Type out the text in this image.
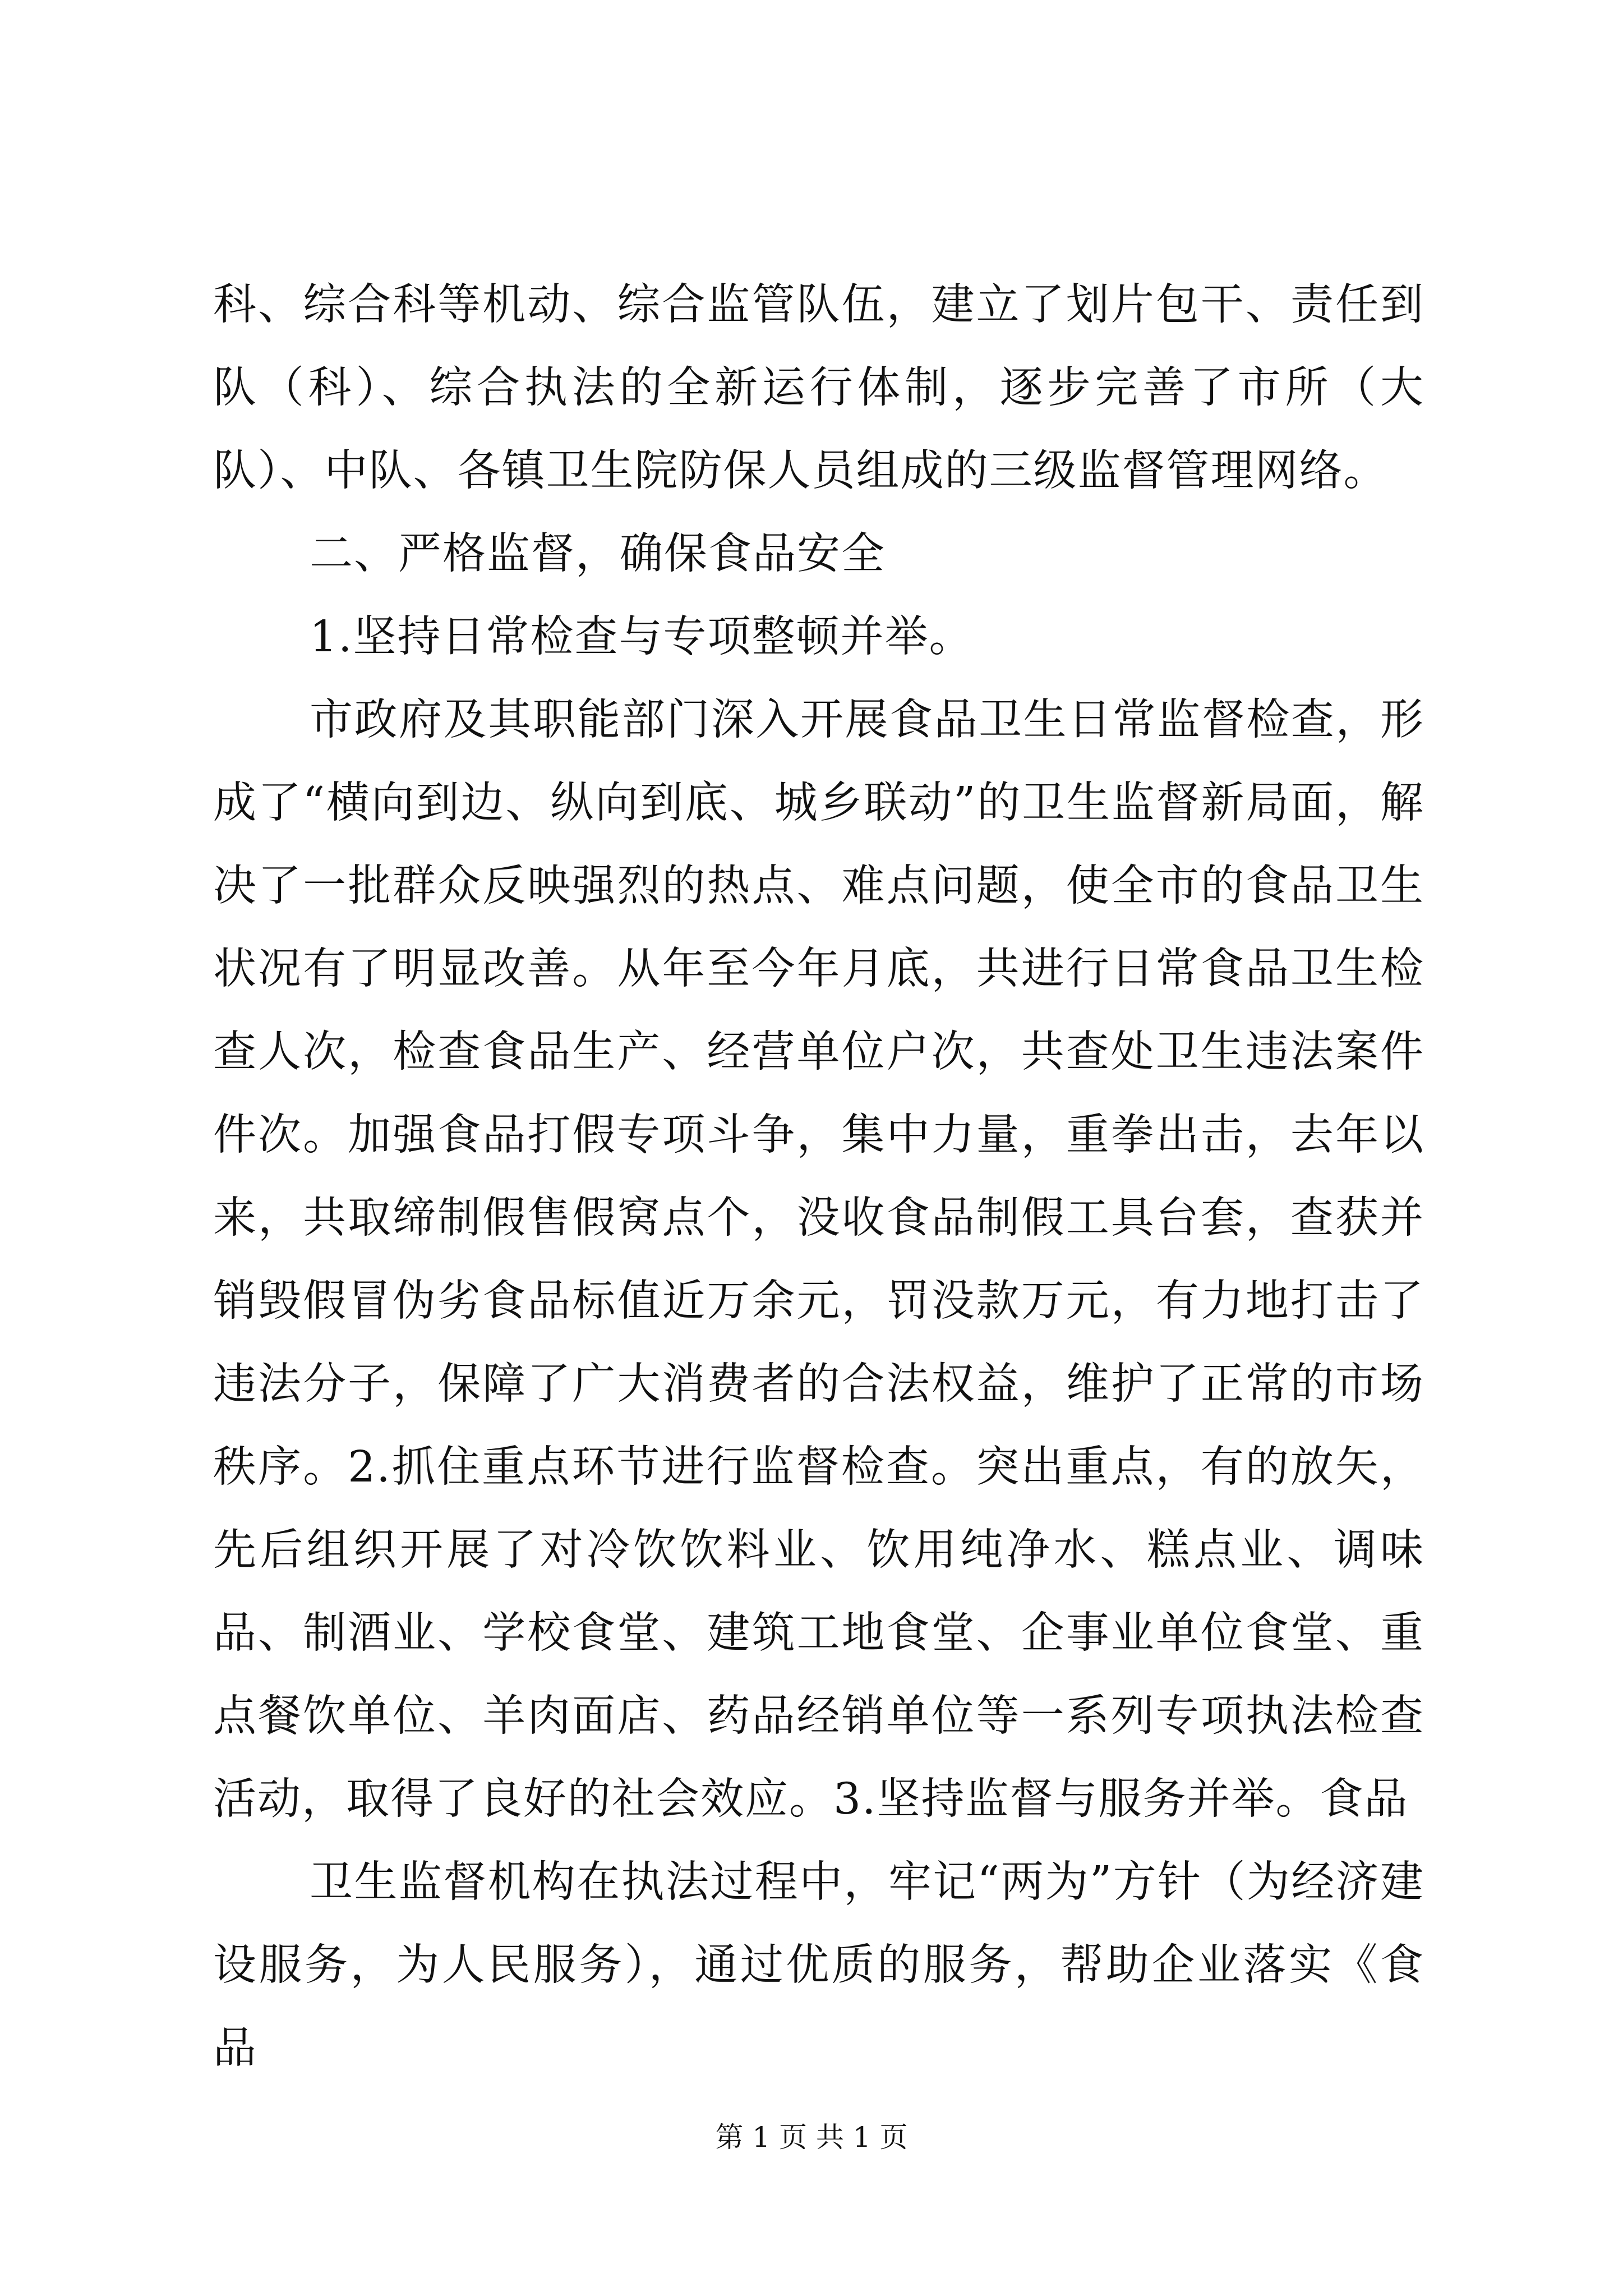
科、综合科等机动、综合监管队伍，建立了划片包干、责任到队（科）、综合执法的全新运行体制，逐步完善了市所（大队）、中队、各镇卫生院防保人员组成的三级监督管理网络。

二、严格监督，确保食品安全

1.坚持日常检查与专项整顿并举。

市政府及其职能部门深入开展食品卫生日常监督检查，形成了“横向到边、纵向到底、城乡联动”的卫生监督新局面，解决了一批群众反映强烈的热点、难点问题，使全市的食品卫生状况有了明显改善。从年至今年月底，共进行日常食品卫生检查人次，检查食品生产、经营单位户次，共查处卫生违法案件件次。加强食品打假专项斗争，集中力量，重拳出击，去年以来，共取缔制假售假窝点个，没收食品制假工具台套，查获并销毁假冒伪劣食品标值近万余元，罚没款万元，有力地打击了违法分子，保障了广大消费者的合法权益，维护了正常的市场秩序。2.抓住重点环节进行监督检查。突出重点，有的放矢，先后组织开展了对冷饮饮料业、饮用纯净水、糕点业、调味品、制酒业、学校食堂、建筑工地食堂、企事业单位食堂、重点餐饮单位、羊肉面店、药品经销单位等一系列专项执法检查活动，取得了良好的社会效应。3.坚持监督与服务并举。食品

卫生监督机构在执法过程中，牢记“两为”方针（为经济建设服务，为人民服务），通过优质的服务，帮助企业落实《食品

第 1 页 共 1 页
